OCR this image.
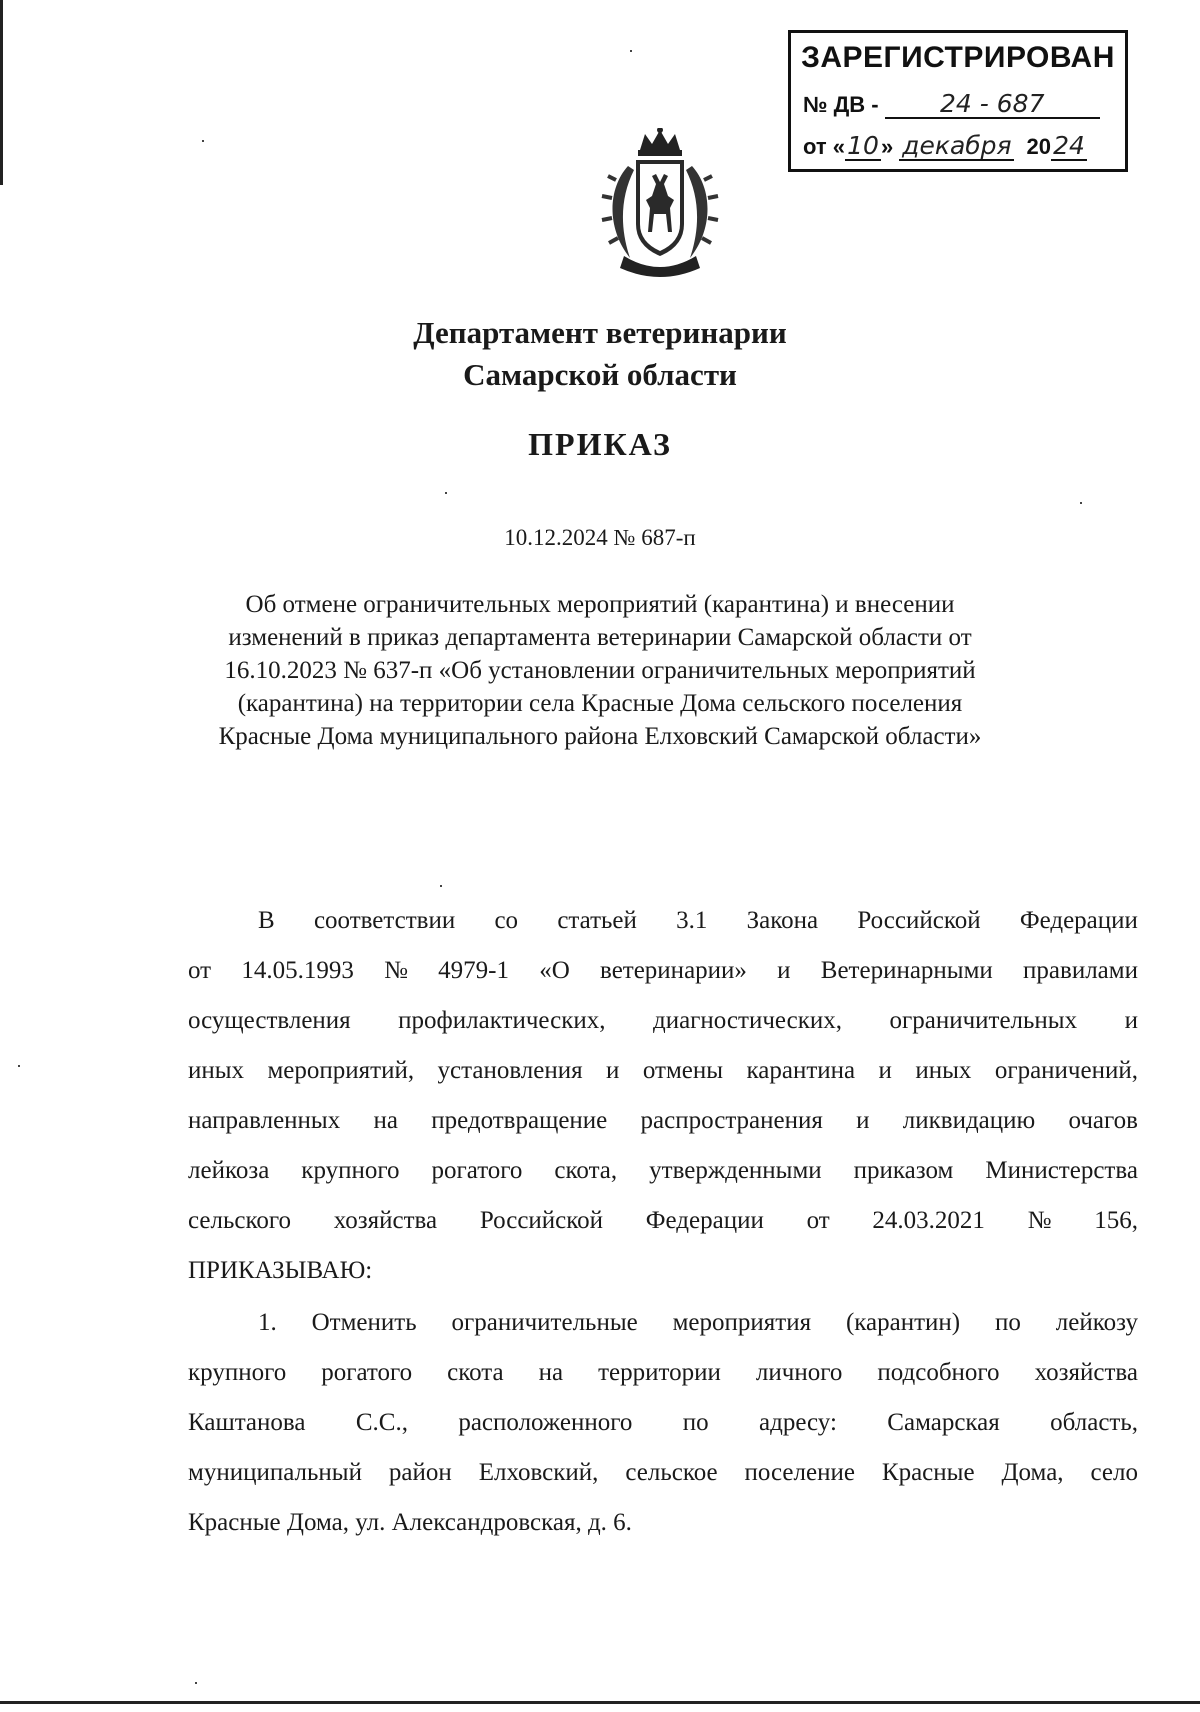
ЗАРЕГИСТРИРОВАН
№ ДВ - 24 - 687
от «10» декабря 2024
Департамент ветеринарии
Самарской области
ПРИКАЗ
10.12.2024 № 687-п
Об отмене ограничительных мероприятий (карантина) и внесении
изменений в приказ департамента ветеринарии Самарской области от
16.10.2023 № 637-п «Об установлении ограничительных мероприятий
(карантина) на территории села Красные Дома сельского поселения
Красные Дома муниципального района Елховский Самарской области»
В соответствии со статьей 3.1 Закона Российской Федерации
от 14.05.1993 № 4979-1 «О ветеринарии» и Ветеринарными правилами
осуществления профилактических, диагностических, ограничительных и
иных мероприятий, установления и отмены карантина и иных ограничений,
направленных на предотвращение распространения и ликвидацию очагов
лейкоза крупного рогатого скота, утвержденными приказом Министерства
сельского хозяйства Российской Федерации от 24.03.2021 № 156,
ПРИКАЗЫВАЮ:
1. Отменить ограничительные мероприятия (карантин) по лейкозу
крупного рогатого скота на территории личного подсобного хозяйства
Каштанова С.С., расположенного по адресу: Самарская область,
муниципальный район Елховский, сельское поселение Красные Дома, село
Красные Дома, ул. Александровская, д. 6.
